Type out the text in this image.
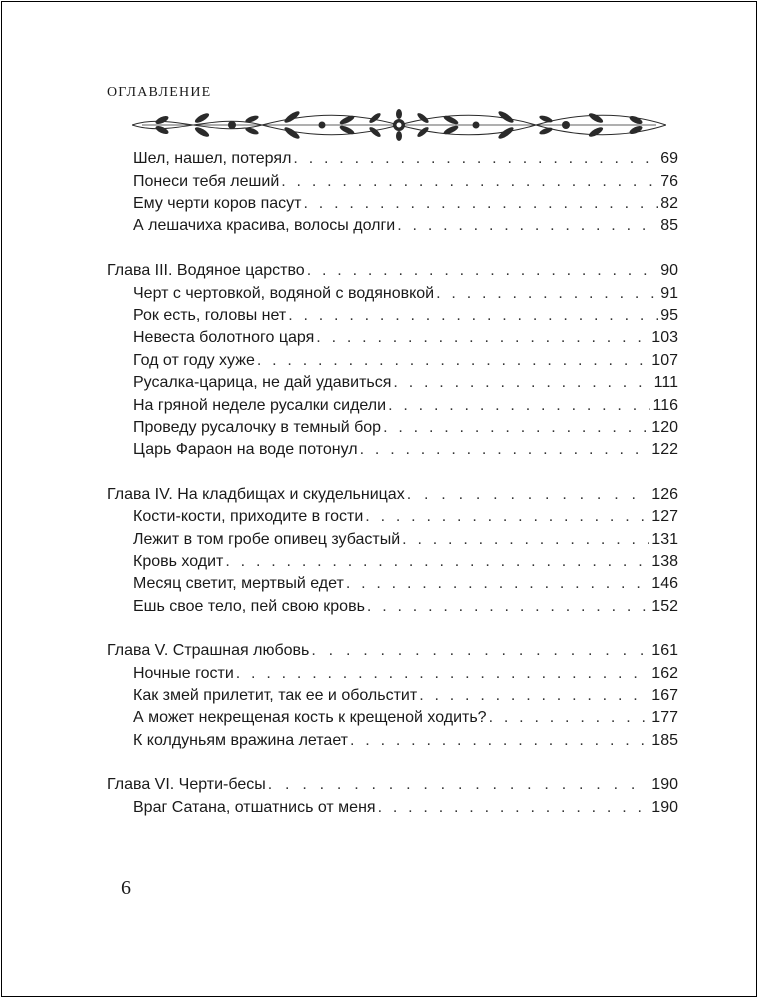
ОГЛАВЛЕНИЕ
Шел, нашел, потерял . . .	69
Понеси тебя леший . . .	76
Ему черти коров пасут . . .	82
А лешачиха красива, волосы долги . . .	85
Глава III. Водяное царство . . .	90
Черт с чертовкой, водяной с водяновкой . . .	91
Рок есть, головы нет . . .	95
Невеста болотного царя . . .	103
Год от году хуже . . .	107
Русалка-царица, не дай удавиться . . .	111
На гряной неделе русалки сидели . . .	116
Проведу русалочку в темный бор . . .	120
Царь Фараон на воде потонул . . .	122
Глава IV. На кладбищах и скудельницах . . .	126
Кости-кости, приходите в гости . . .	127
Лежит в том гробе опивец зубастый . . .	131
Кровь ходит . . .	138
Месяц светит, мертвый едет . . .	146
Ешь свое тело, пей свою кровь . . .	152
Глава V. Страшная любовь . . .	161
Ночные гости . . .	162
Как змей прилетит, так ее и обольстит . . .	167
А может некрещеная кость к крещеной ходить? . . .	177
К колдуньям вражина летает . . .	185
Глава VI. Черти-бесы . . .	190
Враг Сатана, отшатнись от меня . . .	190
6
